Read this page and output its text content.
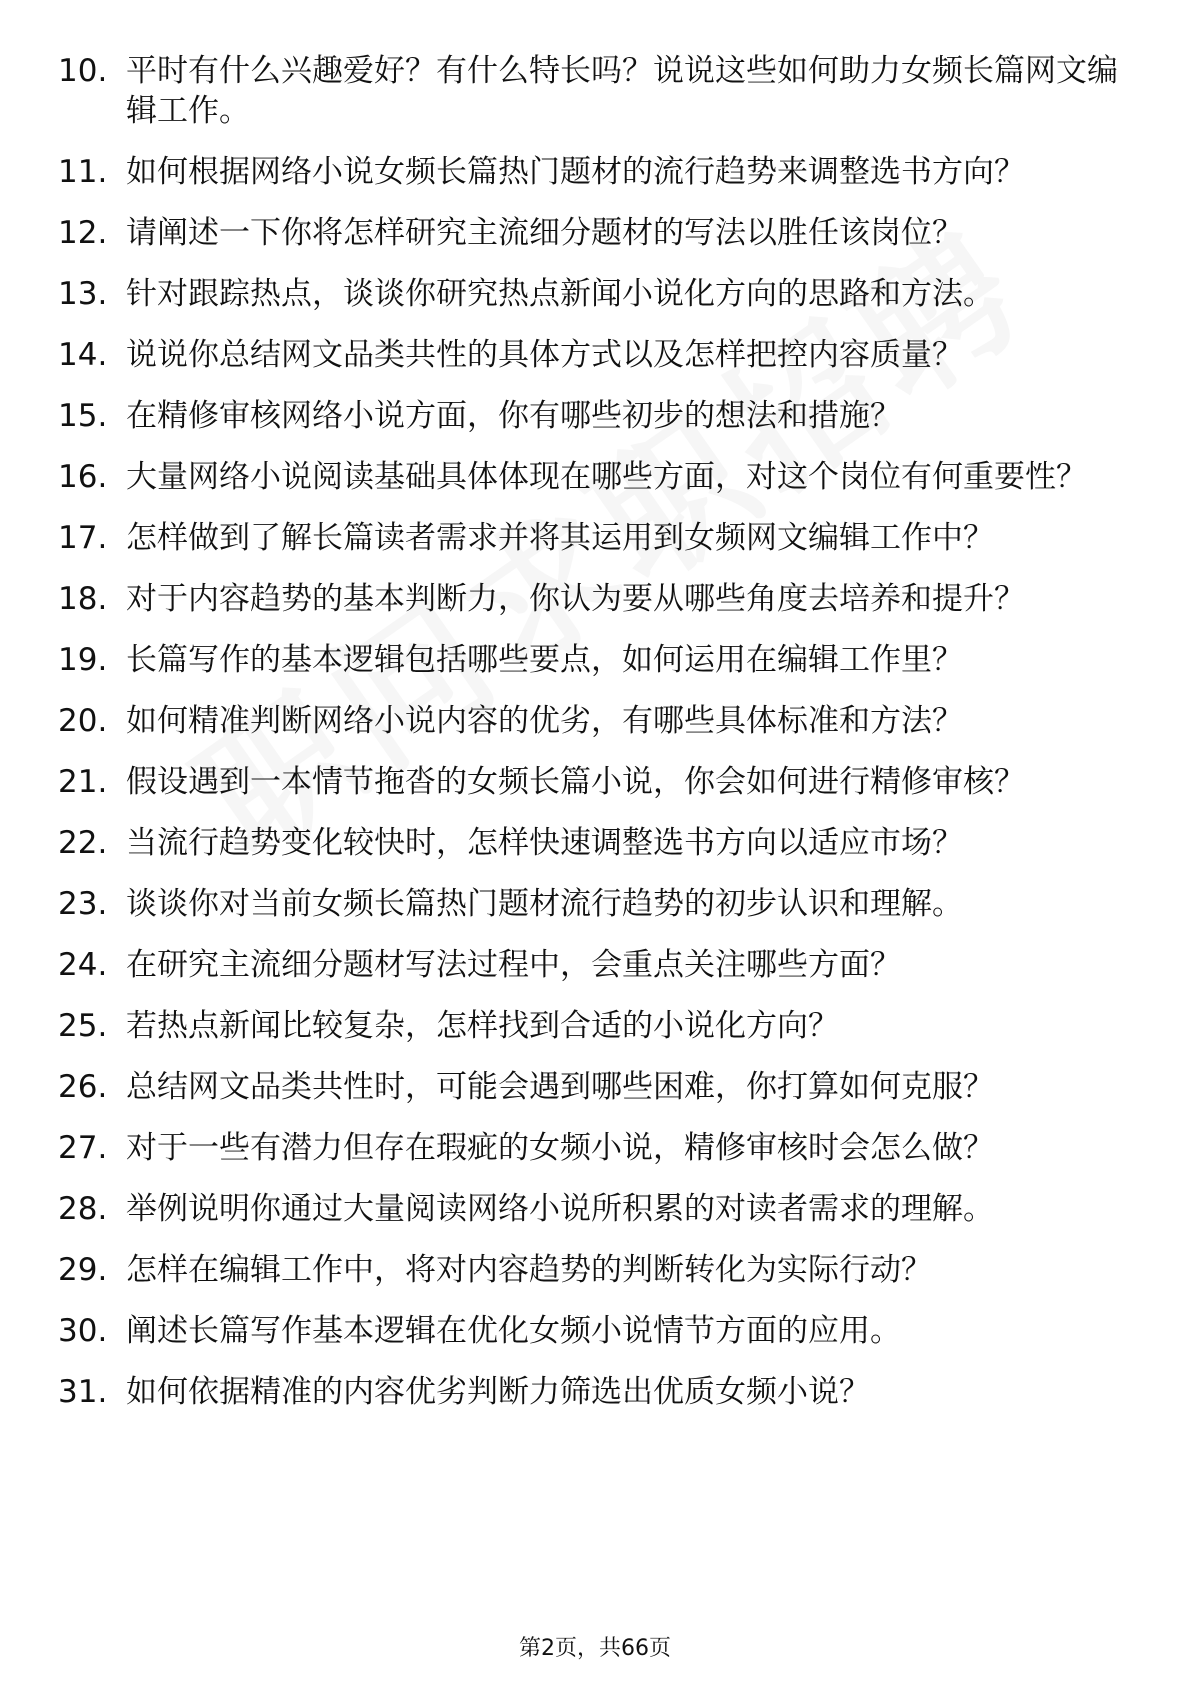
10. 平时有什么兴趣爱好？有什么特长吗？说说这些如何助力女频长篇网文编辑工作。
11. 如何根据网络小说女频长篇热门题材的流行趋势来调整选书方向？
12. 请阐述一下你将怎样研究主流细分题材的写法以胜任该岗位？
13. 针对跟踪热点，谈谈你研究热点新闻小说化方向的思路和方法。
14. 说说你总结网文品类共性的具体方式以及怎样把控内容质量？
15. 在精修审核网络小说方面，你有哪些初步的想法和措施？
16. 大量网络小说阅读基础具体体现在哪些方面，对这个岗位有何重要性？
17. 怎样做到了解长篇读者需求并将其运用到女频网文编辑工作中？
18. 对于内容趋势的基本判断力，你认为要从哪些角度去培养和提升？
19. 长篇写作的基本逻辑包括哪些要点，如何运用在编辑工作里？
20. 如何精准判断网络小说内容的优劣，有哪些具体标准和方法？
21. 假设遇到一本情节拖沓的女频长篇小说，你会如何进行精修审核？
22. 当流行趋势变化较快时，怎样快速调整选书方向以适应市场？
23. 谈谈你对当前女频长篇热门题材流行趋势的初步认识和理解。
24. 在研究主流细分题材写法过程中，会重点关注哪些方面？
25. 若热点新闻比较复杂，怎样找到合适的小说化方向？
26. 总结网文品类共性时，可能会遇到哪些困难，你打算如何克服？
27. 对于一些有潜力但存在瑕疵的女频小说，精修审核时会怎么做？
28. 举例说明你通过大量阅读网络小说所积累的对读者需求的理解。
29. 怎样在编辑工作中，将对内容趋势的判断转化为实际行动？
30. 阐述长篇写作基本逻辑在优化女频小说情节方面的应用。
31. 如何依据精准的内容优劣判断力筛选出优质女频小说？
第2页，共66页
